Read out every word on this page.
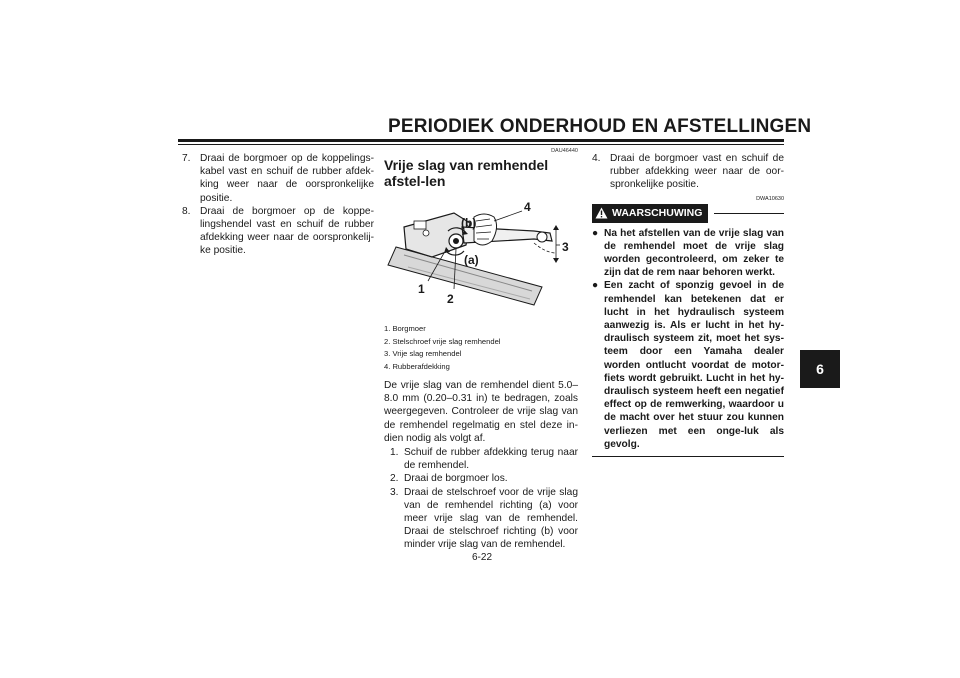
PERIODIEK ONDERHOUD EN AFSTELLINGEN
6
7. Draai de borgmoer op de koppelings-kabel vast en schuif de rubber afdek-king weer naar de oorspronkelijke positie.
8. Draai de borgmoer op de koppe-lingshendel vast en schuif de rubber afdekking weer naar de oorspronkelij-ke positie.
DAU46440
Vrije slag van remhendel afstel-len
(b)
(a)
1
2
3
4
1. Borgmoer
2. Stelschroef vrije slag remhendel
3. Vrije slag remhendel
4. Rubberafdekking
De vrije slag van de remhendel dient 5.0–8.0 mm (0.20–0.31 in) te bedragen, zoals weergegeven. Controleer de vrije slag van de remhendel regelmatig en stel deze in-dien nodig als volgt af.
1. Schuif de rubber afdekking terug naar de remhendel.
2. Draai de borgmoer los.
3. Draai de stelschroef voor de vrije slag van de remhendel richting (a) voor meer vrije slag van de remhendel. Draai de stelschroef richting (b) voor minder vrije slag van de remhendel.
4. Draai de borgmoer vast en schuif de rubber afdekking weer naar de oor-spronkelijke positie.
DWA10630
WAARSCHUWING
● Na het afstellen van de vrije slag van de remhendel moet de vrije slag worden gecontroleerd, om zeker te zijn dat de rem naar behoren werkt.
● Een zacht of sponzig gevoel in de remhendel kan betekenen dat er lucht in het hydraulisch systeem aanwezig is. Als er lucht in het hy-draulisch systeem zit, moet het sys-teem door een Yamaha dealer worden ontlucht voordat de motor-fiets wordt gebruikt. Lucht in het hy-draulisch systeem heeft een negatief effect op de remwerking, waardoor u de macht over het stuur zou kunnen verliezen met een onge-luk als gevolg.
6-22
